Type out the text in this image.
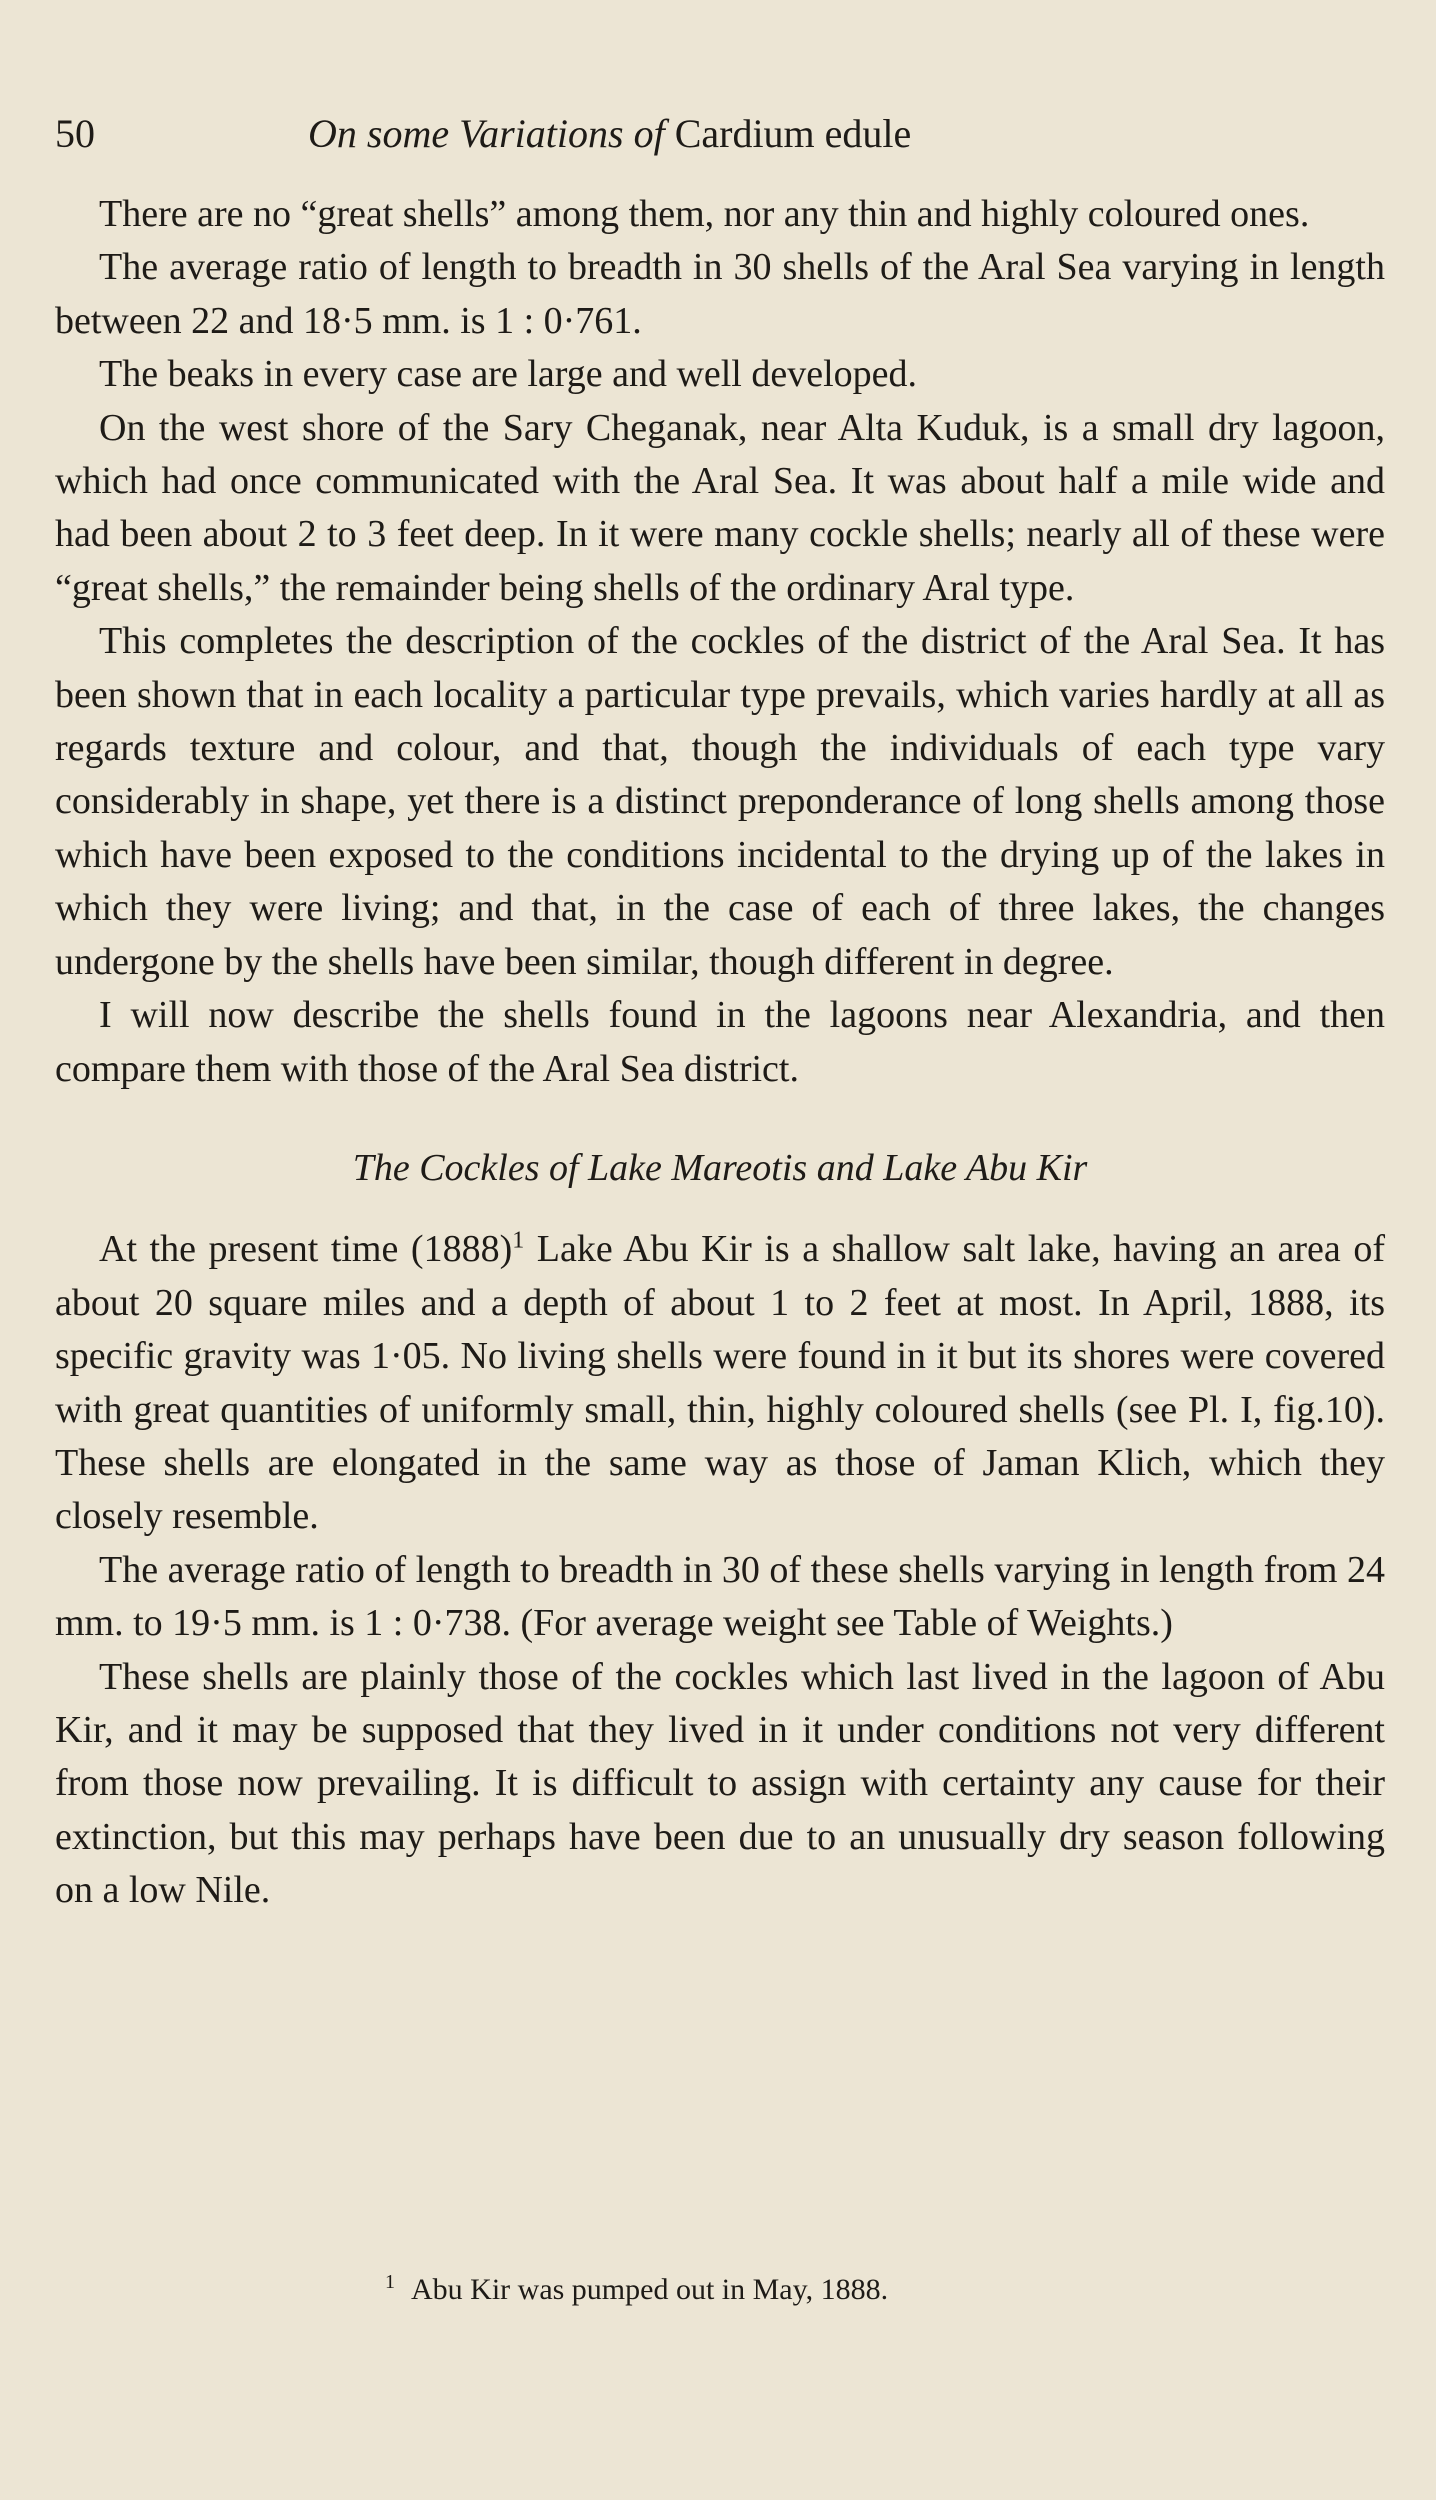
50	On some Variations of Cardium edule

There are no “great shells” among them, nor any thin and highly coloured ones.

The average ratio of length to breadth in 30 shells of the Aral Sea varying in length between 22 and 18·5 mm. is 1 : 0·761.

The beaks in every case are large and well developed.

On the west shore of the Sary Cheganak, near Alta Kuduk, is a small dry lagoon, which had once communicated with the Aral Sea. It was about half a mile wide and had been about 2 to 3 feet deep. In it were many cockle shells; nearly all of these were “great shells,” the remainder being shells of the ordinary Aral type.

This completes the description of the cockles of the district of the Aral Sea. It has been shown that in each locality a particular type prevails, which varies hardly at all as regards texture and colour, and that, though the individuals of each type vary considerably in shape, yet there is a distinct preponderance of long shells among those which have been exposed to the conditions incidental to the drying up of the lakes in which they were living; and that, in the case of each of three lakes, the changes undergone by the shells have been similar, though different in degree.

I will now describe the shells found in the lagoons near Alexandria, and then compare them with those of the Aral Sea district.

The Cockles of Lake Mareotis and Lake Abu Kir

At the present time (1888)$^1$ Lake Abu Kir is a shallow salt lake, having an area of about 20 square miles and a depth of about 1 to 2 feet at most. In April, 1888, its specific gravity was 1·05. No living shells were found in it but its shores were covered with great quantities of uniformly small, thin, highly coloured shells (see Pl. I, fig.10). These shells are elongated in the same way as those of Jaman Klich, which they closely resemble.

The average ratio of length to breadth in 30 of these shells varying in length from 24 mm. to 19·5 mm. is 1 : 0·738. (For average weight see Table of Weights.)

These shells are plainly those of the cockles which last lived in the lagoon of Abu Kir, and it may be supposed that they lived in it under conditions not very different from those now prevailing. It is difficult to assign with certainty any cause for their extinction, but this may perhaps have been due to an unusually dry season following on a low Nile.

$^1$ Abu Kir was pumped out in May, 1888.
